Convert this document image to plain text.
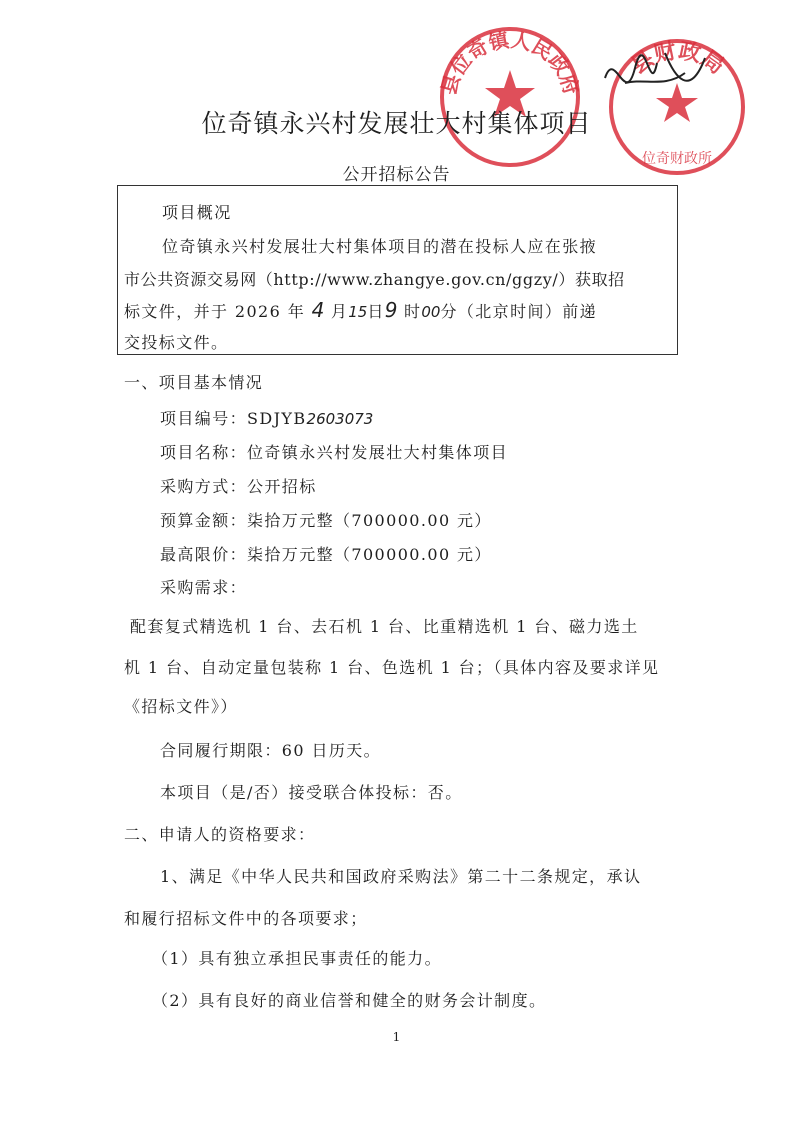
县位奇镇人民政府
县财政局
位奇财政所
位奇镇永兴村发展壮大村集体项目
公开招标公告
项目概况
位奇镇永兴村发展壮大村集体项目的潜在投标人应在张掖
市公共资源交易网（http://www.zhangye.gov.cn/ggzy/）获取招
标文件，并于 2026 年 4 月15日9 时00分（北京时间）前递
交投标文件。
一、项目基本情况
项目编号：SDJYB2603073
项目名称：位奇镇永兴村发展壮大村集体项目
采购方式：公开招标
预算金额：柒拾万元整（700000.00 元）
最高限价：柒拾万元整（700000.00 元）
采购需求：
配套复式精选机 1 台、去石机 1 台、比重精选机 1 台、磁力选土
机 1 台、自动定量包装称 1 台、色选机 1 台；（具体内容及要求详见
《招标文件》）
合同履行期限：60 日历天。
本项目（是/否）接受联合体投标：否。
二、申请人的资格要求：
1、满足《中华人民共和国政府采购法》第二十二条规定，承认
和履行招标文件中的各项要求；
（1）具有独立承担民事责任的能力。
（2）具有良好的商业信誉和健全的财务会计制度。
1
